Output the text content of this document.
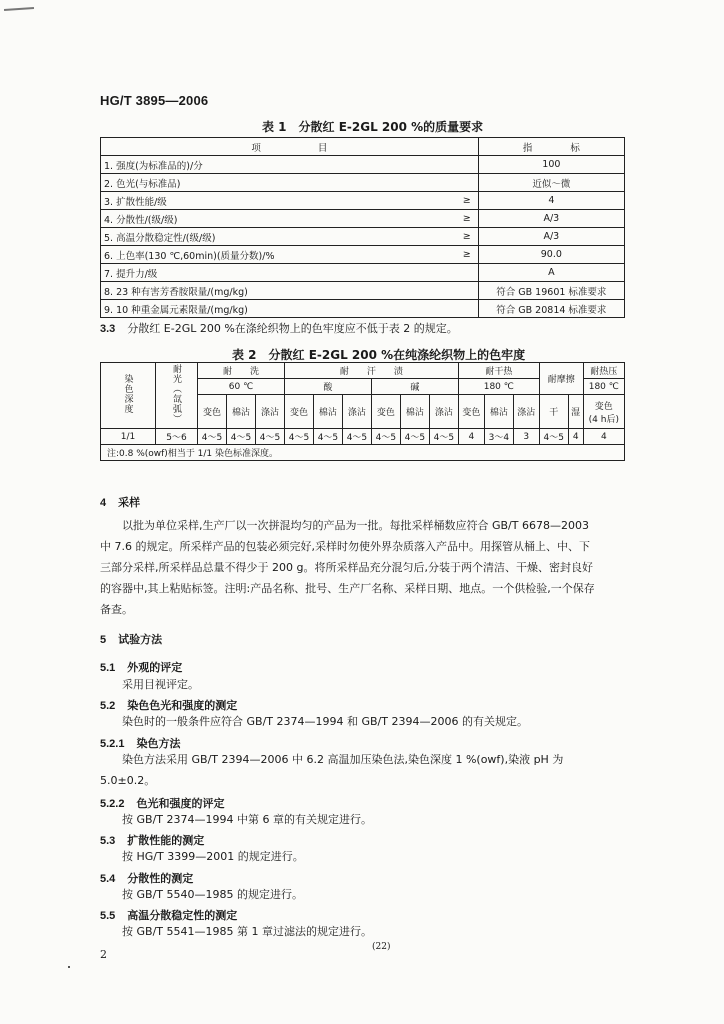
HG/T 3895—2006
表 1　分散红 E-2GL 200 %的质量要求
项　　　　　　目		指　　　　标
1. 强度(为标准品的)/分		100
2. 色光(与标准品)		近似～微
3. 扩散性能/级	≥	4
4. 分散性/(级/级)	≥	A/3
5. 高温分散稳定性/(级/级)	≥	A/3
6. 上色率(130 ℃,60min)(质量分数)/%	≥	90.0
7. 提升力/级		A
8. 23 种有害芳香胺限量/(mg/kg)		符合 GB 19601 标准要求
9. 10 种重金属元素限量/(mg/kg)		符合 GB 20814 标准要求
3.3 分散红 E-2GL 200 %在涤纶织物上的色牢度应不低于表 2 的规定。
表 2　分散红 E-2GL 200 %在纯涤纶织物上的色牢度
染色深度	耐光（氙弧）	耐　　洗			耐　　汗　　渍						耐干热			耐摩擦		耐热压
		60 ℃			酸			碱			180 ℃					180 ℃
		变色	棉沾	涤沾	变色	棉沾	涤沾	变色	棉沾	涤沾	变色	棉沾	涤沾	干	湿	变色
(4 h后)

1/1	5～6	4～5	4～5	4～5	4～5	4～5	4～5	4～5	4～5	4～5	4	3～4	3	4～5	4	4
注:0.8 %(owf)相当于 1/1 染色标准深度。																
4 采样
以批为单位采样,生产厂以一次拼混均匀的产品为一批。每批采样桶数应符合 GB/T 6678—2003
中 7.6 的规定。所采样产品的包装必须完好,采样时勿使外界杂质落入产品中。用探管从桶上、中、下
三部分采样,所采样品总量不得少于 200 g。将所采样品充分混匀后,分装于两个清洁、干燥、密封良好
的容器中,其上粘贴标签。注明:产品名称、批号、生产厂名称、采样日期、地点。一个供检验,一个保存
备查。
5 试验方法
5.1 外观的评定
采用目视评定。
5.2 染色色光和强度的测定
染色时的一般条件应符合 GB/T 2374—1994 和 GB/T 2394—2006 的有关规定。
5.2.1 染色方法
染色方法采用 GB/T 2394—2006 中 6.2 高温加压染色法,染色深度 1 %(owf),染液 pH 为
5.0±0.2。
5.2.2 色光和强度的评定
按 GB/T 2374—1994 中第 6 章的有关规定进行。
5.3 扩散性能的测定
按 HG/T 3399—2001 的规定进行。
5.4 分散性的测定
按 GB/T 5540—1985 的规定进行。
5.5 高温分散稳定性的测定
按 GB/T 5541—1985 第 1 章过滤法的规定进行。
2
(22)
